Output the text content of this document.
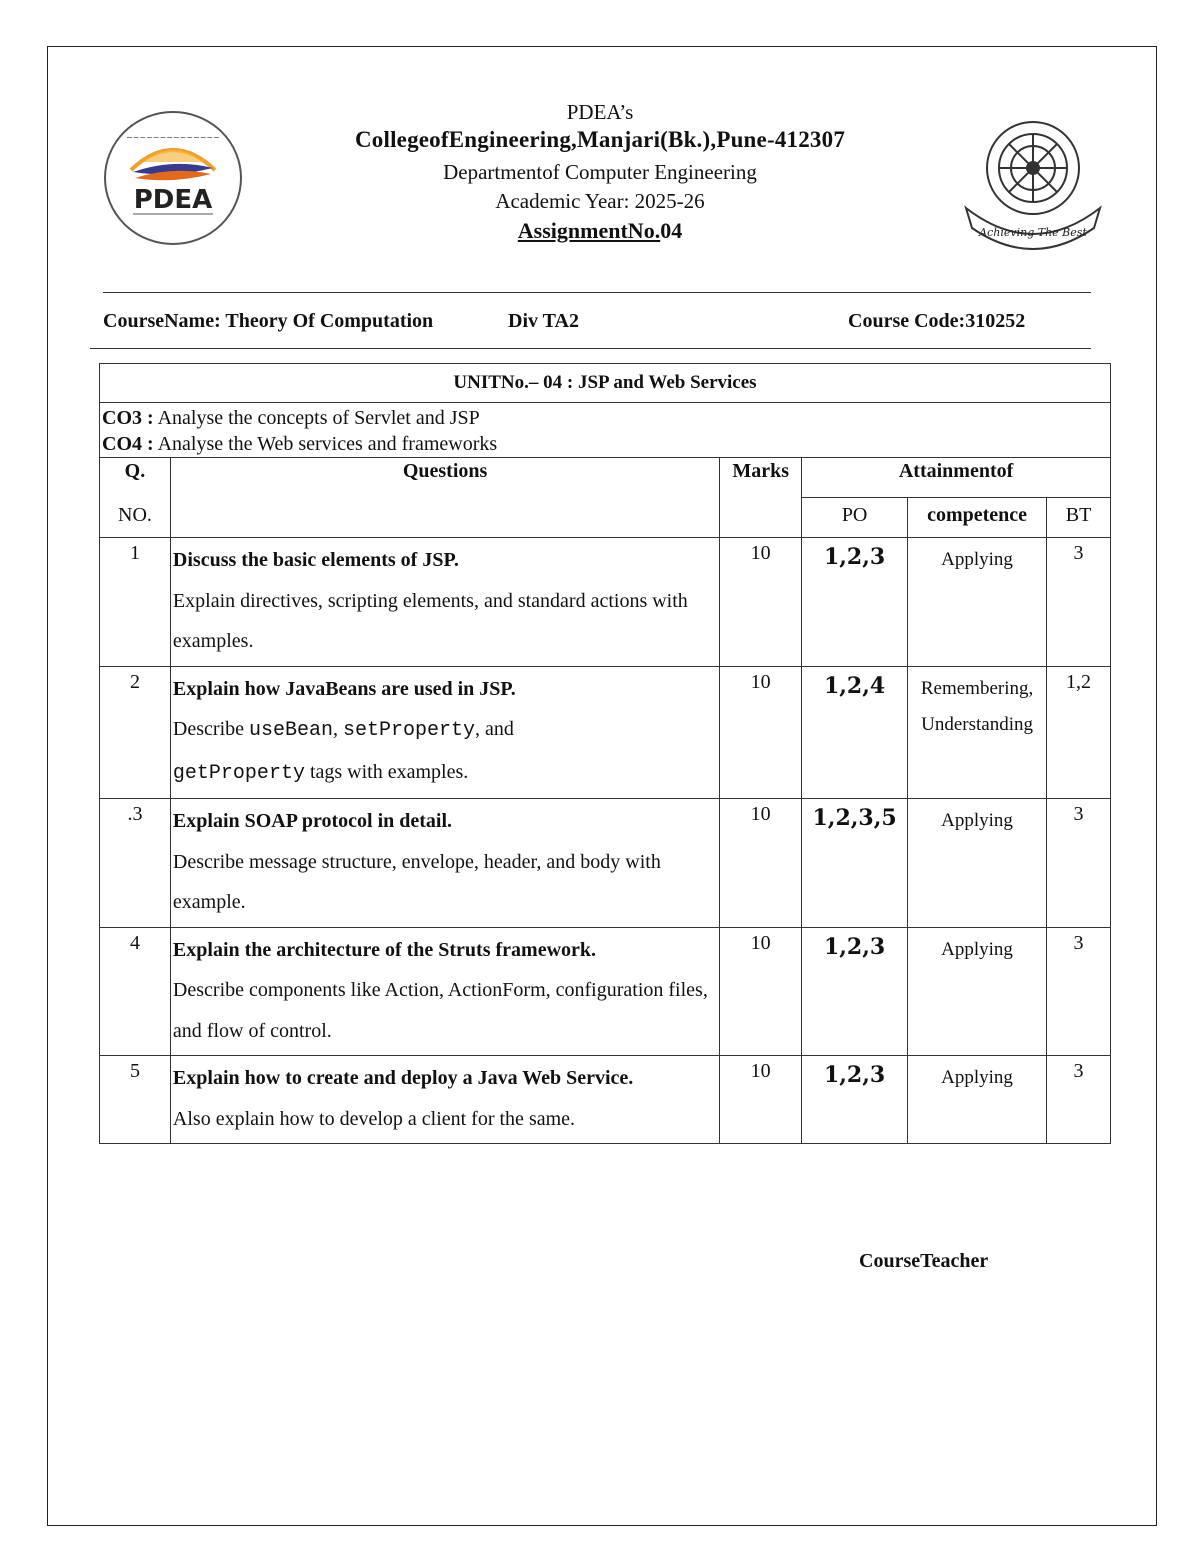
~~~~~~~~~~~~~~
PDEA
Achieving The Best
PDEA’s
CollegeofEngineering,Manjari(Bk.),Pune-412307
Departmentof Computer Engineering
Academic Year: 2025-26
AssignmentNo.04
CourseName: Theory Of Computation	Div TA2	Course Code:310252
UNITNo.– 04 : JSP and Web Services					
CO3 : Analyse the concepts of Servlet and JSP
CO4 : Analyse the Web services and frameworks					
Q.	Questions	Marks	Attainmentof		
NO.			PO	competence	BT
1	Discuss the basic elements of JSP.
Explain directives, scripting elements, and standard actions with examples.	10	1,2,3	Applying	3
2	Explain how JavaBeans are used in JSP.
Describe useBean, setProperty, and
getProperty tags with examples.	10	1,2,4	Remembering,
Understanding	1,2
.3	Explain SOAP protocol in detail.
Describe message structure, envelope, header, and body with example.	10	1,2,3,5	Applying	3
4	Explain the architecture of the Struts framework.
Describe components like Action, ActionForm, configuration files, and flow of control.	10	1,2,3	Applying	3
5	Explain how to create and deploy a Java Web Service.
Also explain how to develop a client for the same.	10	1,2,3	Applying	3
CourseTeacher
